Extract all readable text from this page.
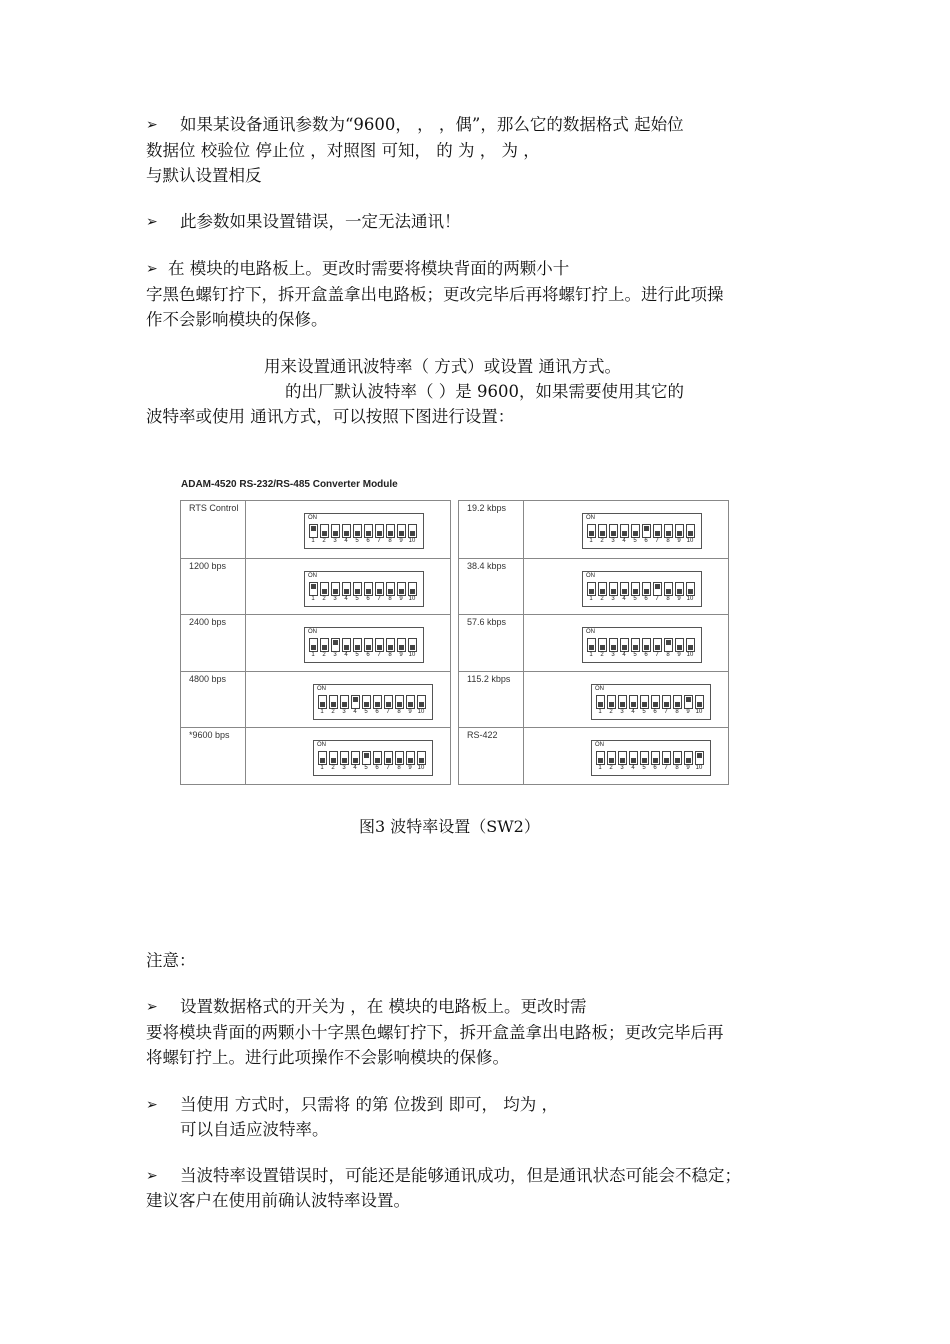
➢ 如果某设备通讯参数为“9600， ， ，偶”，那么它的数据格式 起始位
数据位 校验位 停止位 ，对照图 可知， 的 为 ， 为 ，
与默认设置相反
➢ 此参数如果设置错误，一定无法通讯！
➢ 在 模块的电路板上。更改时需要将模块背面的两颗小十
字黑色螺钉拧下，拆开盒盖拿出电路板；更改完毕后再将螺钉拧上。进行此项操
作不会影响模块的保修。
用来设置通讯波特率（ 方式）或设置 通讯方式。
的出厂默认波特率（ ）是 9600，如果需要使用其它的
波特率或使用 通讯方式，可以按照下图进行设置：
ADAM-4520 RS-232/RS-485 Converter Module
RTS Control
ON
1	2	3	4	5	6	7	8	9 10
1200 bps
ON
1	2	3	4	5	6	7	8	9 10
2400 bps
ON
1	2	3	4	5	6	7	8	9 10
4800 bps
ON
1	2	3	4	5	6	7	8	9 10
*9600 bps
ON
1	2	3	4	5	6	7	8	9 10
19.2 kbps
ON
1	2	3	4	5	6	7	8	9 10
38.4 kbps
ON
1	2	3	4	5	6	7	8	9 10
57.6 kbps
ON
1	2	3	4	5	6	7	8	9 10
115.2 kbps
ON
1	2	3	4	5	6	7	8	9 10
RS-422
ON
1	2	3	4	5	6	7	8	9 10
图3 波特率设置（SW2）
注意：
➢ 设置数据格式的开关为 ，在 模块的电路板上。更改时需
要将模块背面的两颗小十字黑色螺钉拧下，拆开盒盖拿出电路板；更改完毕后再
将螺钉拧上。进行此项操作不会影响模块的保修。
➢ 当使用 方式时，只需将 的第 位拨到 即可， 均为 ，
可以自适应波特率。
➢ 当波特率设置错误时，可能还是能够通讯成功，但是通讯状态可能会不稳定；
建议客户在使用前确认波特率设置。
